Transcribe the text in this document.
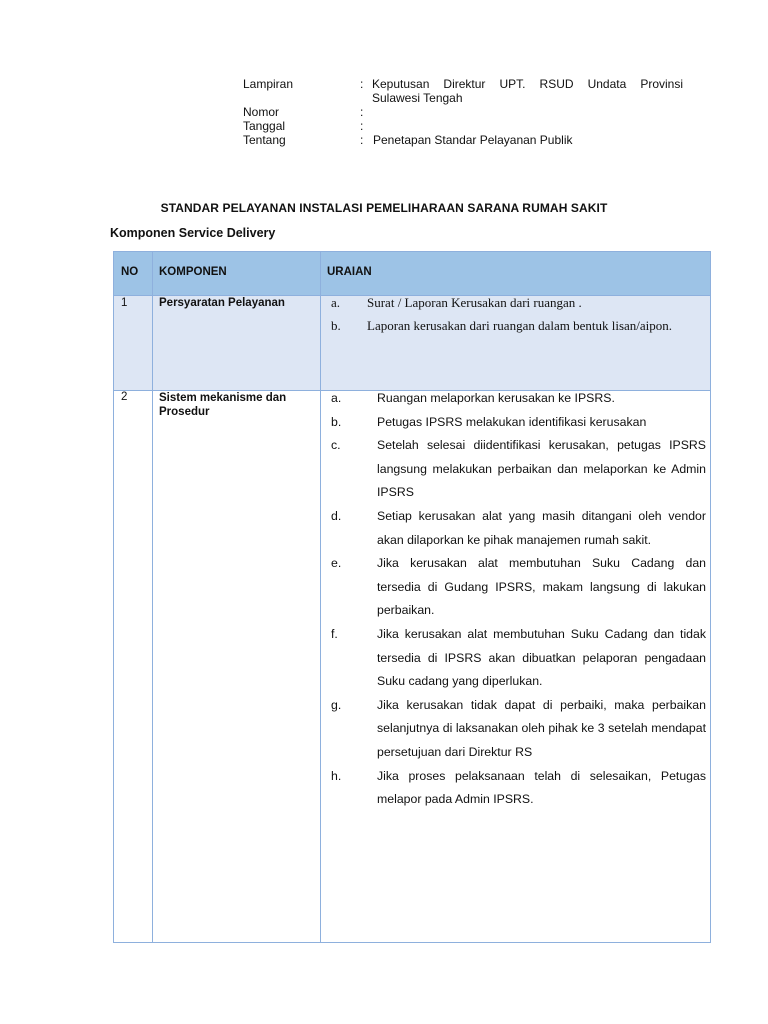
Lampiran	: Keputusan Direktur UPT. RSUD Undata Provinsi
Sulawesi Tengah
Nomor	:
Tanggal	:
Tentang	: Penetapan Standar Pelayanan Publik
STANDAR PELAYANAN INSTALASI PEMELIHARAAN SARANA RUMAH SAKIT
Komponen Service Delivery
NO KOMPONEN	URAIAN
1	Persyaratan Pelayanan	a.	Surat / Laporan Kerusakan dari ruangan .
b.	Laporan kerusakan dari ruangan dalam bentuk lisan/aipon.
2	Sistem mekanisme dan Prosedur
a.	Ruangan melaporkan kerusakan ke IPSRS.
b.	Petugas IPSRS melakukan identifikasi kerusakan
c.	Setelah selesai diidentifikasi kerusakan, petugas IPSRS langsung melakukan perbaikan dan melaporkan ke Admin IPSRS
d.	Setiap kerusakan alat yang masih ditangani oleh vendor akan dilaporkan ke pihak manajemen rumah sakit.
e.	Jika kerusakan alat membutuhan Suku Cadang dan tersedia di Gudang IPSRS, makam langsung di lakukan perbaikan.
f.	Jika kerusakan alat membutuhan Suku Cadang dan tidak tersedia di IPSRS akan dibuatkan pelaporan pengadaan Suku cadang yang diperlukan.
g.	Jika kerusakan tidak dapat di perbaiki, maka perbaikan selanjutnya di laksanakan oleh pihak ke 3 setelah mendapat persetujuan dari Direktur RS
h.	Jika proses pelaksanaan telah di selesaikan, Petugas melapor pada Admin IPSRS.
